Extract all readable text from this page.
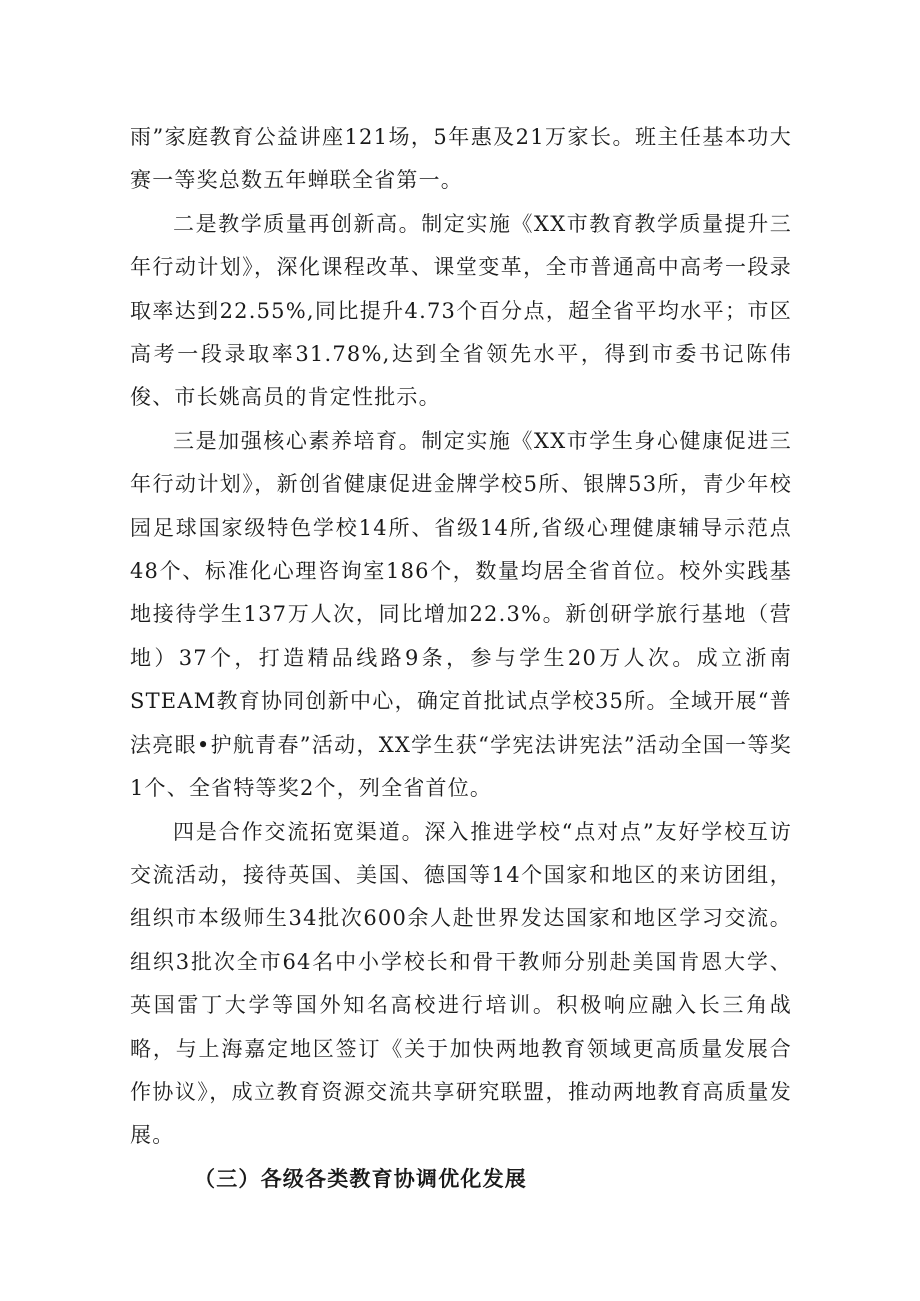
雨”家庭教育公益讲座121场，5年惠及21万家长。班主任基本功大赛一等奖总数五年蝉联全省第一。

二是教学质量再创新高。制定实施《XX市教育教学质量提升三年行动计划》，深化课程改革、课堂变革，全市普通高中高考一段录取率达到22.55%,同比提升4.73个百分点，超全省平均水平；市区高考一段录取率31.78%,达到全省领先水平，得到市委书记陈伟俊、市长姚高员的肯定性批示。

三是加强核心素养培育。制定实施《XX市学生身心健康促进三年行动计划》，新创省健康促进金牌学校5所、银牌53所，青少年校园足球国家级特色学校14所、省级14所,省级心理健康辅导示范点48个、标准化心理咨询室186个，数量均居全省首位。校外实践基地接待学生137万人次，同比增加22.3%。新创研学旅行基地（营地）37个，打造精品线路9条，参与学生20万人次。成立浙南STEAM教育协同创新中心，确定首批试点学校35所。全域开展“普法亮眼•护航青春”活动，XX学生获“学宪法讲宪法”活动全国一等奖1个、全省特等奖2个，列全省首位。

四是合作交流拓宽渠道。深入推进学校“点对点”友好学校互访交流活动，接待英国、美国、德国等14个国家和地区的来访团组，组织市本级师生34批次600余人赴世界发达国家和地区学习交流。组织3批次全市64名中小学校长和骨干教师分别赴美国肯恩大学、英国雷丁大学等国外知名高校进行培训。积极响应融入长三角战略，与上海嘉定地区签订《关于加快两地教育领域更高质量发展合作协议》，成立教育资源交流共享研究联盟，推动两地教育高质量发展。

（三）各级各类教育协调优化发展
